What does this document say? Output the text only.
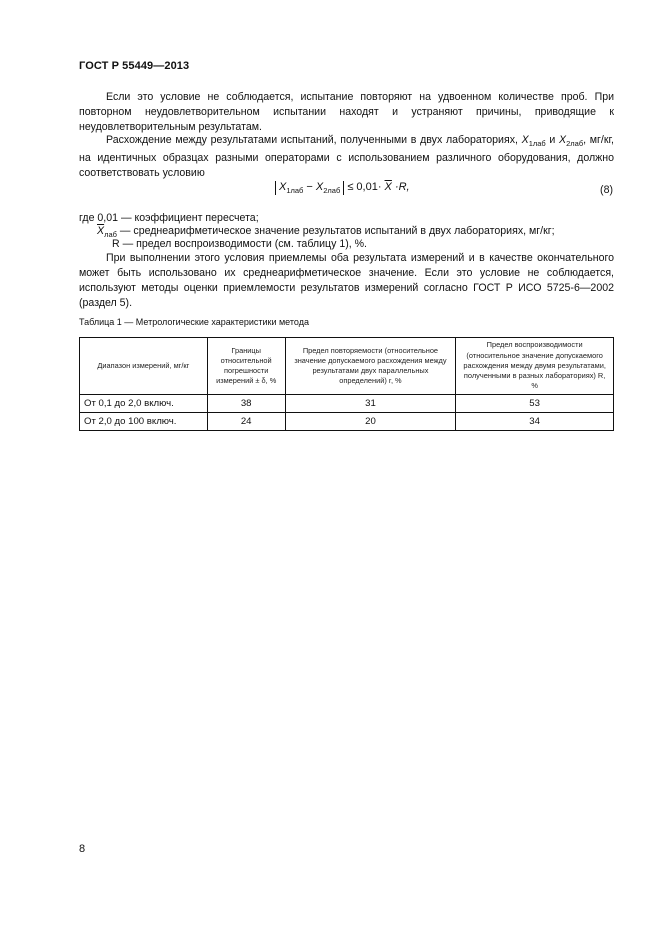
ГОСТ Р 55449—2013
Если это условие не соблюдается, испытание повторяют на удвоенном количестве проб. При повторном неудовлетворительном испытании находят и устраняют причины, приводящие к неудовлетворительным результатам.
Расхождение между результатами испытаний, полученными в двух лабораториях, $X_{1лаб}$ и $X_{2лаб}$, мг/кг, на идентичных образцах разными операторами с использованием различного оборудования, должно соответствовать условию
$X_{1лаб} - X_{2лаб} \le 0,01\cdot \overline{X} \cdot R$,	(8)
где 0,01 — коэффициент пересчета;
$\overline{X}_{лаб}$ — среднеарифметическое значение результатов испытаний в двух лабораториях, мг/кг;
R — предел воспроизводимости (см. таблицу 1), %.
При выполнении этого условия приемлемы оба результата измерений и в качестве окончательного может быть использовано их среднеарифметическое значение. Если это условие не соблюдается, используют методы оценки приемлемости результатов измерений согласно ГОСТ Р ИСО 5725-6—2002 (раздел 5).
Таблица 1 — Метрологические характеристики метода
Диапазон измерений, мг/кг	Границы относительной погрешности измерений ± δ, %	Предел повторяемости (относительное значение допускаемого расхождения между результатами двух параллельных определений) r, %	Предел воспроизводимости (относительное значение допускаемого расхождения между двумя результатами, полученными в разных лабораториях) R, %
От 0,1 до 2,0 включ.	38	31	53
От 2,0 до 100 включ.	24	20	34
8
